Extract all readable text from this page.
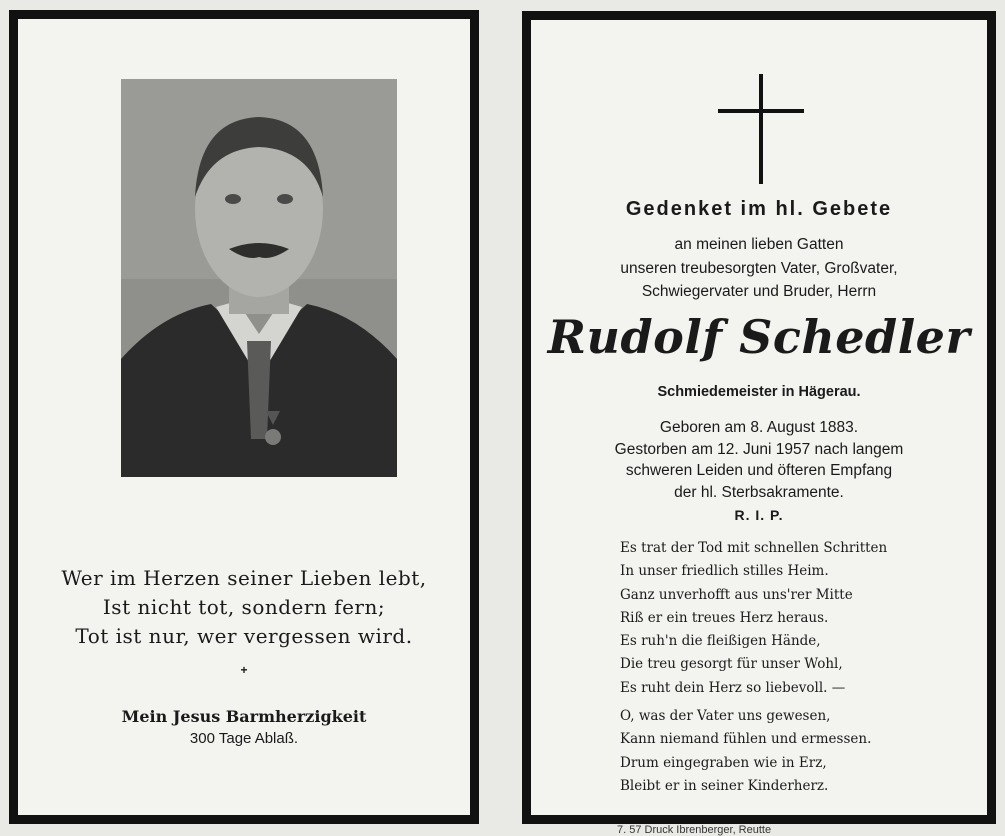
Wer im Herzen seiner Lieben lebt,
Ist nicht tot, sondern fern;
Tot ist nur, wer vergessen wird.
+
Mein Jesus Barmherzigkeit
300 Tage Ablaß.
Gedenket im hl. Gebete
an meinen lieben Gatten
unseren treubesorgten Vater, Großvater,
Schwiegervater und Bruder, Herrn
Rudolf Schedler
Schmiedemeister in Hägerau.
Geboren am 8. August 1883.
Gestorben am 12. Juni 1957 nach langem
schweren Leiden und öfteren Empfang
der hl. Sterbsakramente.
R. I. P.
Es trat der Tod mit schnellen Schritten
In unser friedlich stilles Heim.
Ganz unverhofft aus uns'rer Mitte
Riß er ein treues Herz heraus.
Es ruh'n die fleißigen Hände,
Die treu gesorgt für unser Wohl,
Es ruht dein Herz so liebevoll. —
O, was der Vater uns gewesen,
Kann niemand fühlen und ermessen.
Drum eingegraben wie in Erz,
Bleibt er in seiner Kinderherz.
7. 57 Druck Ibrenberger, Reutte
